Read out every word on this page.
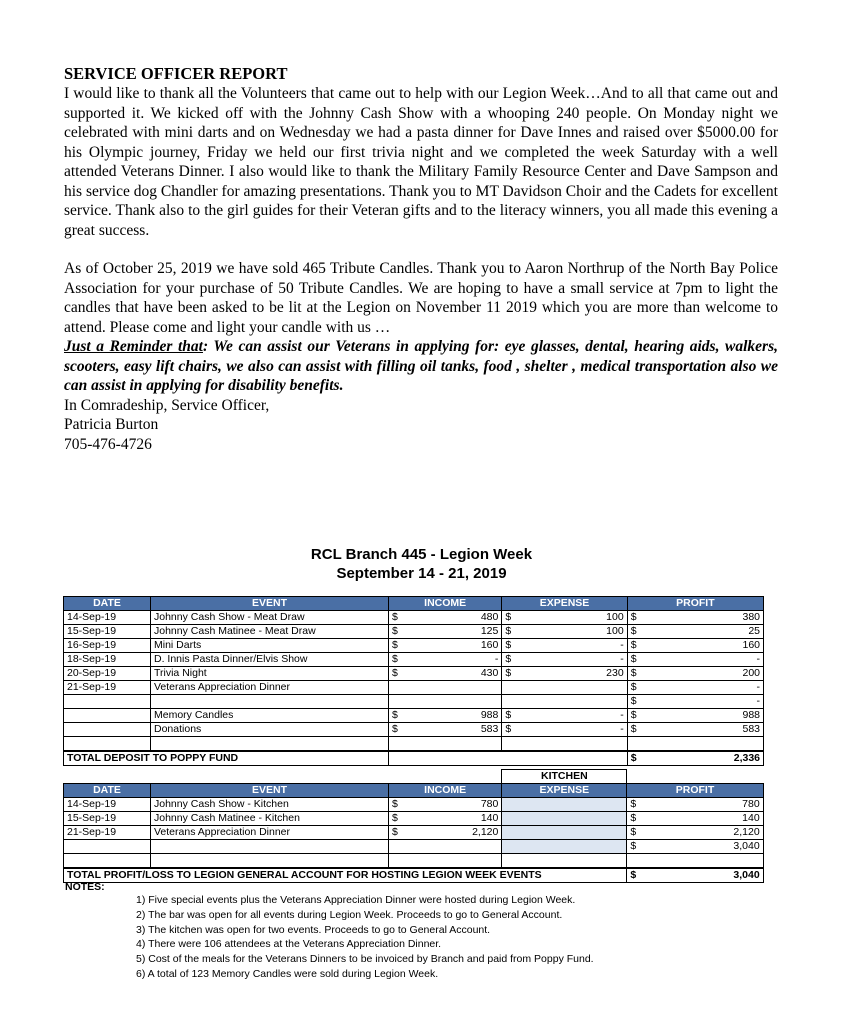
SERVICE OFFICER REPORT

I would like to thank all the Volunteers that came out to help with our Legion Week…And to all that came out and supported it. We kicked off with the Johnny Cash Show with a whooping 240 people. On Monday night we celebrated with mini darts and on Wednesday we had a pasta dinner for Dave Innes and raised over $5000.00 for his Olympic journey, Friday we held our first trivia night and we completed the week Saturday with a well attended Veterans Dinner. I also would like to thank the Military Family Resource Center and Dave Sampson and his service dog Chandler for amazing presentations. Thank you to MT Davidson Choir and the Cadets for excellent service. Thank also to the girl guides for their Veteran gifts and to the literacy winners, you all made this evening a great success.

As of October 25, 2019 we have sold 465 Tribute Candles. Thank you to Aaron Northrup of the North Bay Police Association for your purchase of 50 Tribute Candles. We are hoping to have a small service at 7pm to light the candles that have been asked to be lit at the Legion on November 11 2019 which you are more than welcome to attend. Please come and light your candle with us …

Just a Reminder that: We can assist our Veterans in applying for: eye glasses, dental, hearing aids, walkers, scooters, easy lift chairs, we also can assist with filling oil tanks, food , shelter , medical transportation also we can assist in applying for disability benefits.

In Comradeship, Service Officer,
Patricia Burton
705-476-4726
RCL Branch 445 - Legion Week
September 14 - 21, 2019
DATE	EVENT	INCOME		EXPENSE		PROFIT	
14-Sep-19	Johnny Cash Show - Meat Draw	$	480	$	100	$	380
15-Sep-19	Johnny Cash Matinee - Meat Draw	$	125	$	100	$	25
16-Sep-19	Mini Darts	$	160	$	-	$	160
18-Sep-19	D. Innis Pasta Dinner/Elvis Show	$	-	$	-	$	-
20-Sep-19	Trivia Night	$	430	$	230	$	200
21-Sep-19	Veterans Appreciation Dinner					$	-
						$	-
	Memory Candles	$	988	$	-	$	988
	Donations	$	583	$	-	$	583

TOTAL DEPOSIT TO POPPY FUND						$	2,336
				KITCHEN		
DATE	EVENT	INCOME		EXPENSE	PROFIT	
14-Sep-19	Johnny Cash Show - Kitchen	$	780		$	780
15-Sep-19	Johnny Cash Matinee - Kitchen	$	140		$	140
21-Sep-19	Veterans Appreciation Dinner	$	2,120		$	2,120
					$	3,040

TOTAL PROFIT/LOSS TO LEGION GENERAL ACCOUNT FOR HOSTING LEGION WEEK EVENTS					$	3,040
NOTES:
1) Five special events plus the Veterans Appreciation Dinner were hosted during Legion Week.
2) The bar was open for all events during Legion Week. Proceeds to go to General Account.
3) The kitchen was open for two events. Proceeds to go to General Account.
4) There were 106 attendees at the Veterans Appreciation Dinner.
5) Cost of the meals for the Veterans Dinners to be invoiced by Branch and paid from Poppy Fund.
6) A total of 123 Memory Candles were sold during Legion Week.
